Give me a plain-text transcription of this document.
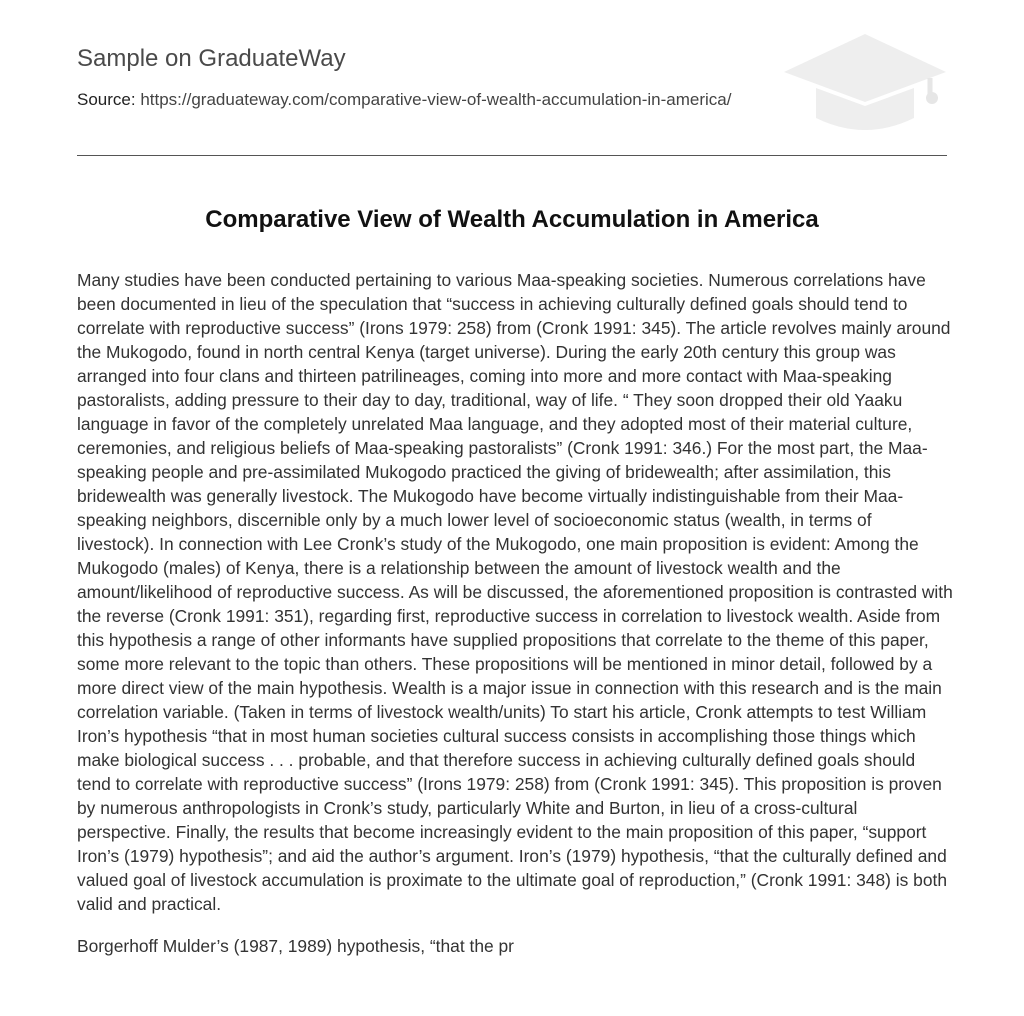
Sample on GraduateWay
Source: https://graduateway.com/comparative-view-of-wealth-accumulation-in-america/
Comparative View of Wealth Accumulation in America

Many studies have been conducted pertaining to various Maa-speaking societies. Numerous correlations have been documented in lieu of the speculation that “success in achieving culturally defined goals should tend to correlate with reproductive success” (Irons 1979: 258) from (Cronk 1991: 345). The article revolves mainly around the Mukogodo, found in north central Kenya (target universe). During the early 20th century this group was arranged into four clans and thirteen patrilineages, coming into more and more contact with Maa-speaking pastoralists, adding pressure to their day to day, traditional, way of life. “ They soon dropped their old Yaaku language in favor of the completely unrelated Maa language, and they adopted most of their material culture, ceremonies, and religious beliefs of Maa-speaking pastoralists” (Cronk 1991: 346.) For the most part, the Maa-speaking people and pre-assimilated Mukogodo practiced the giving of bridewealth; after assimilation, this bridewealth was generally livestock. The Mukogodo have become virtually indistinguishable from their Maa-speaking neighbors, discernible only by a much lower level of socioeconomic status (wealth, in terms of livestock). In connection with Lee Cronk’s study of the Mukogodo, one main proposition is evident: Among the Mukogodo (males) of Kenya, there is a relationship between the amount of livestock wealth and the amount/likelihood of reproductive success. As will be discussed, the aforementioned proposition is contrasted with the reverse (Cronk 1991: 351), regarding first, reproductive success in correlation to livestock wealth. Aside from this hypothesis a range of other informants have supplied propositions that correlate to the theme of this paper, some more relevant to the topic than others. These propositions will be mentioned in minor detail, followed by a more direct view of the main hypothesis. Wealth is a major issue in connection with this research and is the main correlation variable. (Taken in terms of livestock wealth/units) To start his article, Cronk attempts to test William Iron’s hypothesis “that in most human societies cultural success consists in accomplishing those things which make biological success . . . probable, and that therefore success in achieving culturally defined goals should tend to correlate with reproductive success” (Irons 1979: 258) from (Cronk 1991: 345). This proposition is proven by numerous anthropologists in Cronk’s study, particularly White and Burton, in lieu of a cross-cultural perspective. Finally, the results that become increasingly evident to the main proposition of this paper, “support Iron’s (1979) hypothesis”; and aid the author’s argument. Iron’s (1979) hypothesis, “that the culturally defined and valued goal of livestock accumulation is proximate to the ultimate goal of reproduction,” (Cronk 1991: 348) is both valid and practical.

Borgerhoff Mulder’s (1987, 1989) hypothesis, “that the pr
